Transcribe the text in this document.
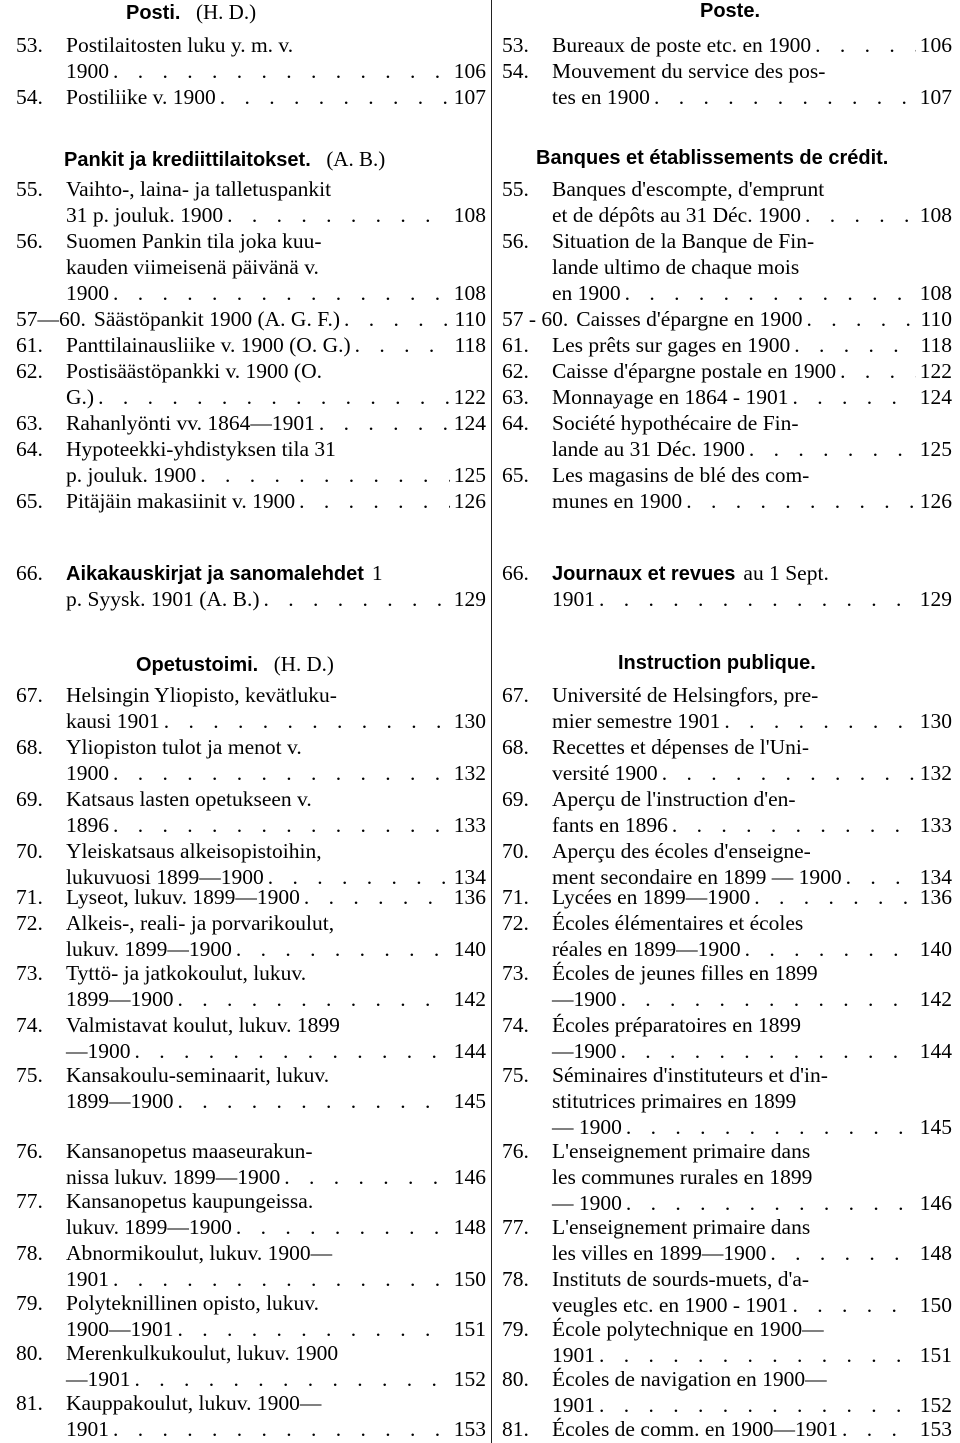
Posti. (H. D.)
53. Postilaitosten luku y. m. v.
1900 . . .	106
54. Postiliike v. 1900 . . .	107
Pankit ja krediittilaitokset. (A. B.)
55. Vaihto-, laina- ja talletuspankit
31 p. jouluk. 1900 . . .	108
56. Suomen Pankin tila joka kuu-
kauden viimeisenä päivänä v.
1900 . . .	108
57—60. Säästöpankit 1900 (A. G. F.) . . .	110
61. Panttilainausliike v. 1900 (O. G.) . . .	118
62. Postisäästöpankki v. 1900 (O.
G.) . . .	122
63. Rahanlyönti vv. 1864—1901 . . .	124
64. Hypoteekki-yhdistyksen tila 31
p. jouluk. 1900 . . .	125
65. Pitäjäin makasiinit v. 1900 . . .	126
66. Aikakauskirjat ja sanomalehdet 1
p. Syysk. 1901 (A. B.) . . .	129
Opetustoimi. (H. D.)
67. Helsingin Yliopisto, kevätluku-
kausi 1901 . . .	130
68. Yliopiston tulot ja menot v.
1900 . . .	132
69. Katsaus lasten opetukseen v.
1896 . . .	133
70. Yleiskatsaus alkeisopistoihin,
lukuvuosi 1899—1900 . . .	134
71. Lyseot, lukuv. 1899—1900 . . .	136
72. Alkeis-, reali- ja porvarikoulut,
lukuv. 1899—1900 . . .	140
73. Tyttö- ja jatkokoulut, lukuv.
1899—1900 . . .	142
74. Valmistavat koulut, lukuv. 1899
—1900 . . .	144
75. Kansakoulu-seminaarit, lukuv.
1899—1900 . . .	145
76. Kansanopetus maaseurakun-
nissa lukuv. 1899—1900 . . .	146
77. Kansanopetus kaupungeissa.
lukuv. 1899—1900 . . .	148
78. Abnormikoulut, lukuv. 1900—
1901 . . .	150
79. Polyteknillinen opisto, lukuv.
1900—1901 . . .	151
80. Merenkulkukoulut, lukuv. 1900
—1901 . . .	152
81. Kauppakoulut, lukuv. 1900—
1901 . . .	153
Poste.
53. Bureaux de poste etc. en 1900 . . .	106
54. Mouvement du service des pos-
tes en 1900 . . .	107
Banques et établissements de crédit.
55. Banques d'escompte, d'emprunt
et de dépôts au 31 Déc. 1900 . . .	108
56. Situation de la Banque de Fin-
lande ultimo de chaque mois
en 1900 . . .	108
57 - 60. Caisses d'épargne en 1900 . . .	110
61. Les prêts sur gages en 1900 . . .	118
62. Caisse d'épargne postale en 1900 . . .	122
63. Monnayage en 1864 - 1901 . . .	124
64. Société hypothécaire de Fin-
lande au 31 Déc. 1900 . . .	125
65. Les magasins de blé des com-
munes en 1900 . . .	126
66. Journaux et revues au 1 Sept.
1901 . . .	129
Instruction publique.
67. Université de Helsingfors, pre-
mier semestre 1901 . . .	130
68. Recettes et dépenses de l'Uni-
versité 1900 . . .	132
69. Aperçu de l'instruction d'en-
fants en 1896 . . .	133
70. Aperçu des écoles d'enseigne-
ment secondaire en 1899 — 1900 . . .	134
71. Lycées en 1899—1900 . . .	136
72. Écoles élémentaires et écoles
réales en 1899—1900 . . .	140
73. Écoles de jeunes filles en 1899
—1900 . . .	142
74. Écoles préparatoires en 1899
—1900 . . .	144
75. Séminaires d'instituteurs et d'in-
stitutrices primaires en 1899
— 1900 . . .	145
76. L'enseignement primaire dans
les communes rurales en 1899
— 1900 . . .	146
77. L'enseignement primaire dans
les villes en 1899—1900 . . .	148
78. Instituts de sourds-muets, d'a-
veugles etc. en 1900 - 1901 . . .	150
79. École polytechnique en 1900—
1901 . . .	151
80. Écoles de navigation en 1900—
1901 . . .	152
81. Écoles de comm. en 1900—1901 . . .	153
